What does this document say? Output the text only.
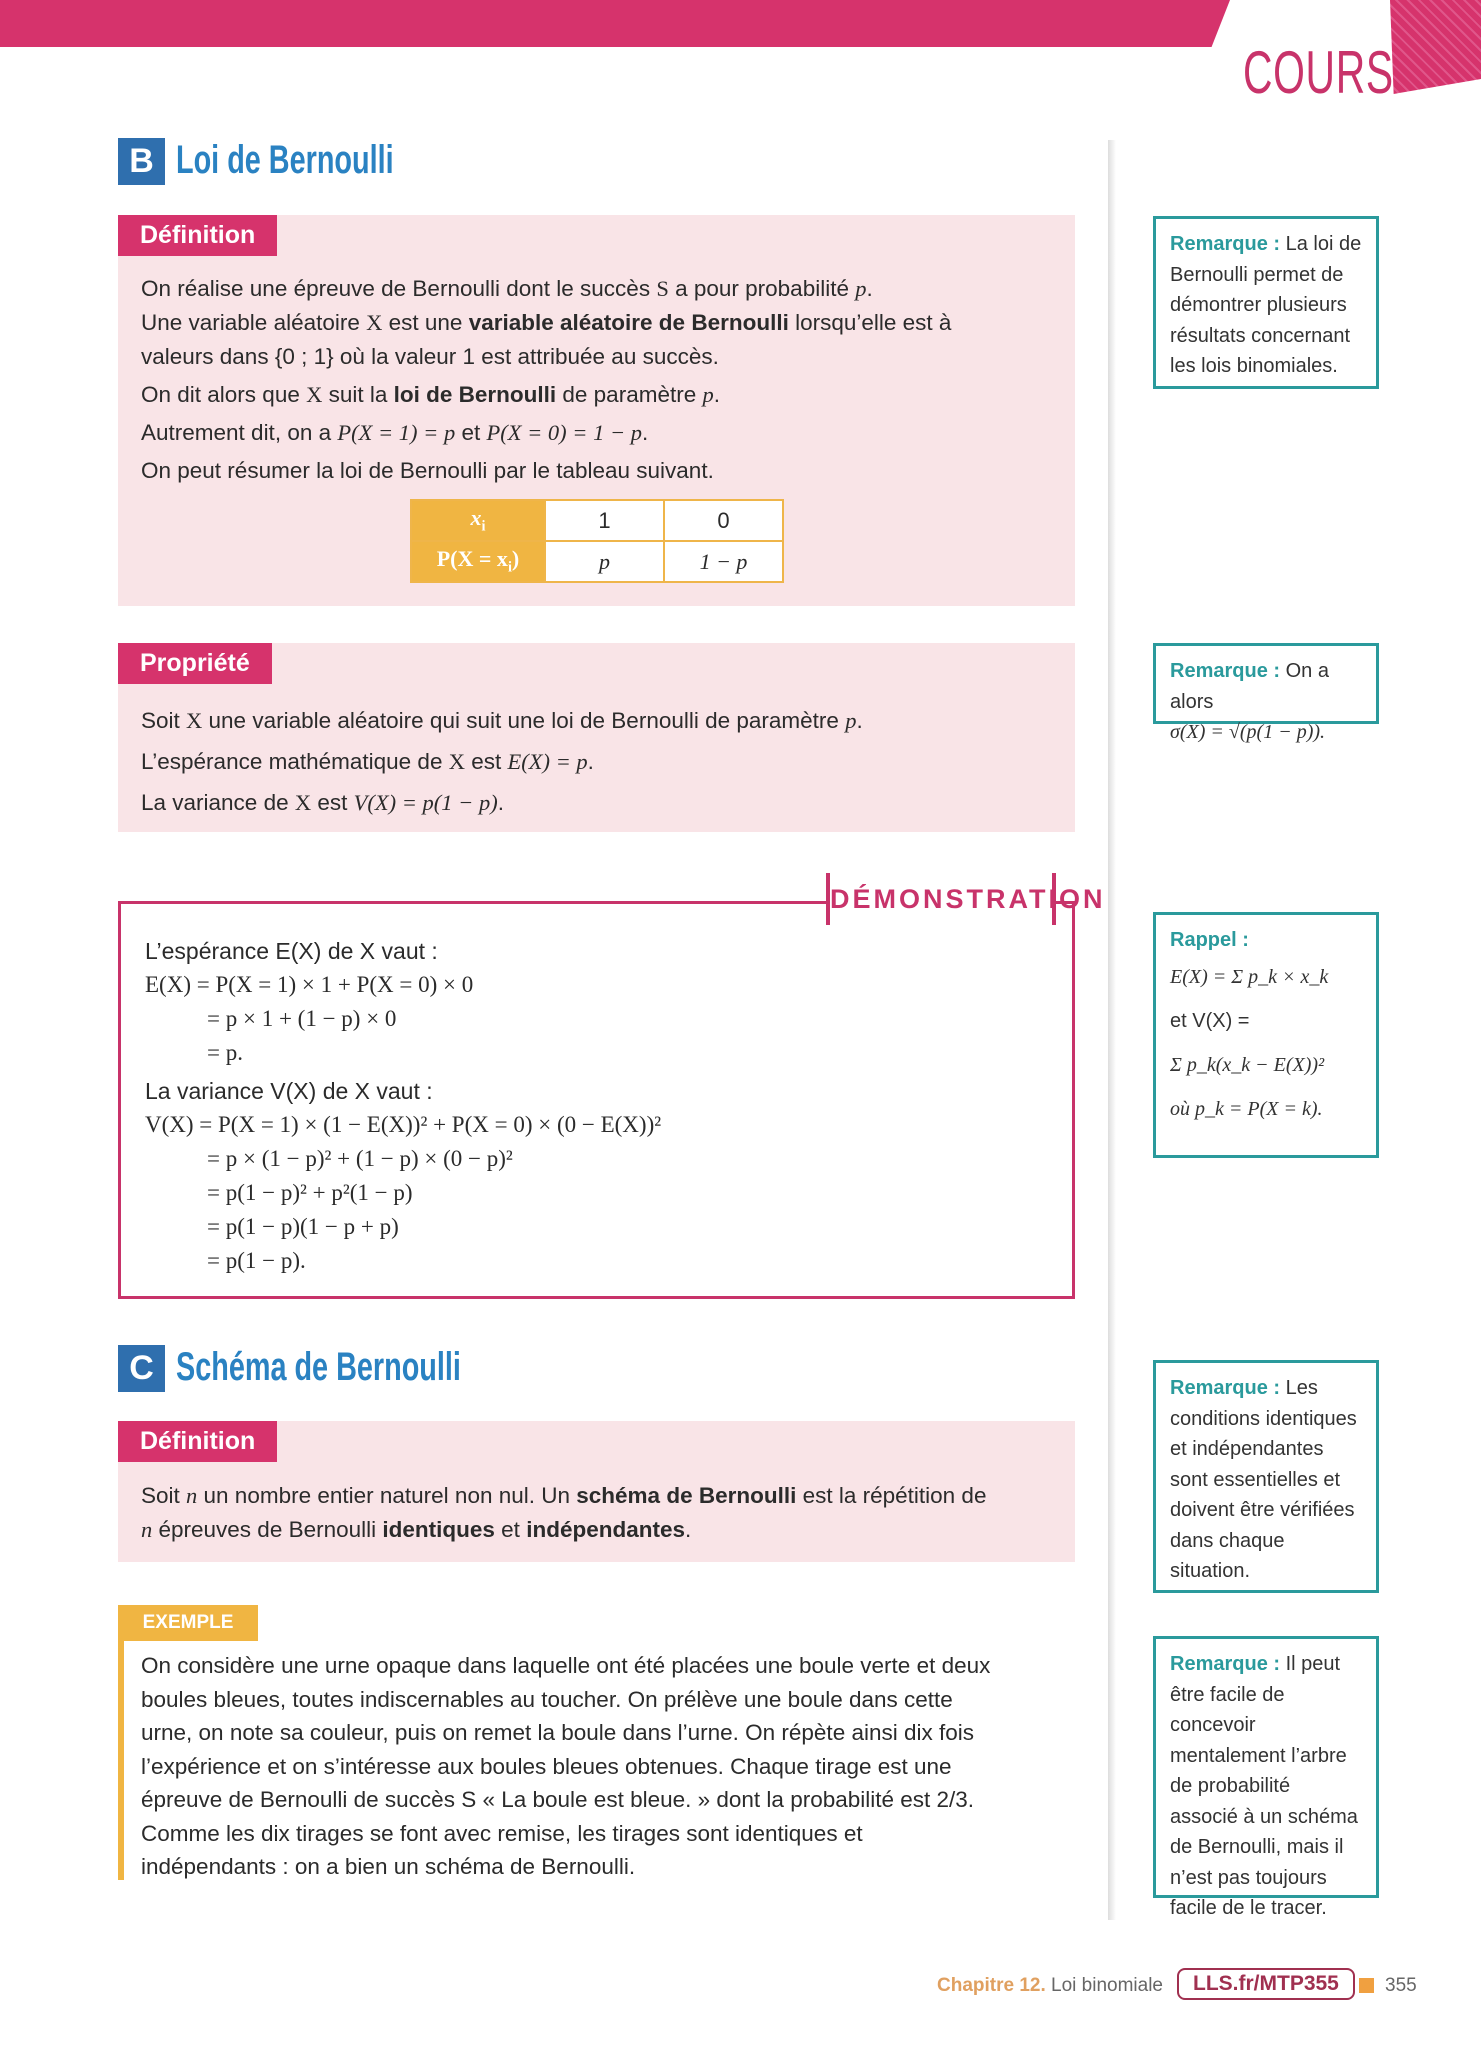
COURS
B Loi de Bernoulli
Définition
On réalise une épreuve de Bernoulli dont le succès S a pour probabilité p.
Une variable aléatoire X est une variable aléatoire de Bernoulli lorsqu’elle est à
valeurs dans {0 ; 1} où la valeur 1 est attribuée au succès.
On dit alors que X suit la loi de Bernoulli de paramètre p.
Autrement dit, on a P(X = 1) = p et P(X = 0) = 1 − p.
On peut résumer la loi de Bernoulli par le tableau suivant.
$x_i$	1	0
$P(X = x_i)$	p	1 − p
Propriété
Soit X une variable aléatoire qui suit une loi de Bernoulli de paramètre p.
L’espérance mathématique de X est E(X) = p.
La variance de X est V(X) = p(1 − p).
L’espérance E(X) de X vaut :
E(X) = P(X = 1) × 1 + P(X = 0) × 0
= p × 1 + (1 − p) × 0
= p.
La variance V(X) de X vaut :
V(X) = P(X = 1) × (1 − E(X))² + P(X = 0) × (0 − E(X))²
= p × (1 − p)² + (1 − p) × (0 − p)²
= p(1 − p)² + p²(1 − p)
= p(1 − p)(1 − p + p)
= p(1 − p).
DÉMONSTRATION
C Schéma de Bernoulli
Définition
Soit n un nombre entier naturel non nul. Un schéma de Bernoulli est la répétition de
n épreuves de Bernoulli identiques et indépendantes.
EXEMPLE
On considère une urne opaque dans laquelle ont été placées une boule verte et deux
boules bleues, toutes indiscernables au toucher. On prélève une boule dans cette
urne, on note sa couleur, puis on remet la boule dans l’urne. On répète ainsi dix fois
l’expérience et on s’intéresse aux boules bleues obtenues. Chaque tirage est une
épreuve de Bernoulli de succès S « La boule est bleue. » dont la probabilité est 2/3.
Comme les dix tirages se font avec remise, les tirages sont identiques et
indépendants : on a bien un schéma de Bernoulli.
Remarque : La loi de Bernoulli permet de démontrer plusieurs résultats concernant les lois binomiales.
Remarque : On a alors
σ(X) = √(p(1 − p)).
Rappel :
E(X) = Σ p_k × x_k
et V(X) =
Σ p_k(x_k − E(X))²
où p_k = P(X = k).
Remarque : Les conditions identiques et indépendantes sont essentielles et doivent être vérifiées dans chaque situation.
Remarque : Il peut être facile de concevoir mentalement l’arbre de probabilité associé à un schéma de Bernoulli, mais il n’est pas toujours facile de le tracer.
Chapitre 12. Loi binomiale	LLS.fr/MTP355	355
